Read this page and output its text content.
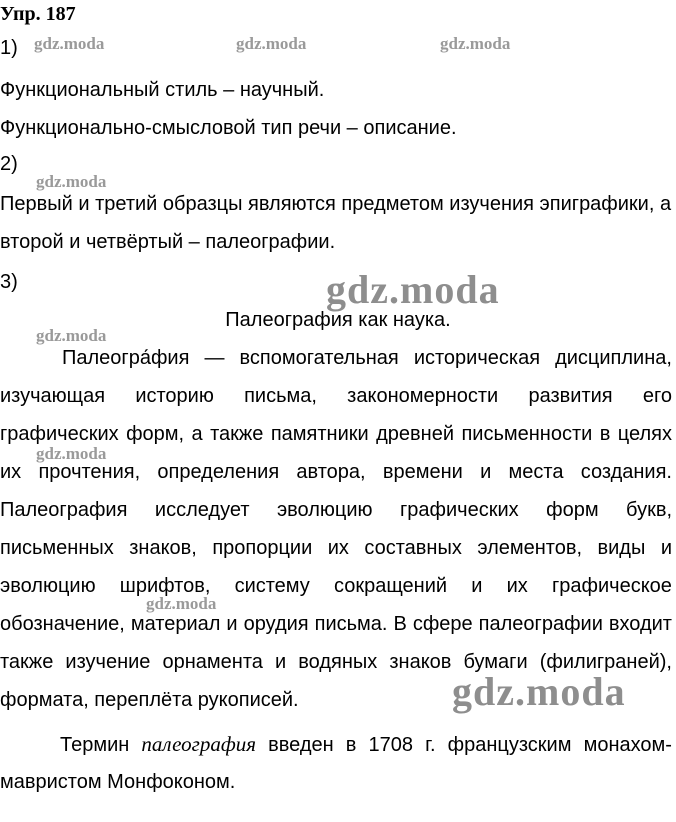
Упр. 187
1)
Функциональный стиль – научный.
Функционально-смысловой тип речи – описание.
2)
Первый и третий образцы являются предметом изучения эпиграфики, а
второй и четвёртый – палеографии.
3)
Палеография как наука.
Палеогра́фия — вспомогательная историческая дисциплина,
изучающая историю письма, закономерности развития его
графических форм, а также памятники древней письменности в целях
их прочтения, определения автора, времени и места создания.
Палеография исследует эволюцию графических форм букв,
письменных знаков, пропорции их составных элементов, виды и
эволюцию шрифтов, систему сокращений и их графическое
обозначение, материал и орудия письма. В сфере палеографии входит
также изучение орнамента и водяных знаков бумаги (филиграней),
формата, переплёта рукописей.
Термин палеография введен в 1708 г. французским монахом-
мавристом Монфоконом.
gdz.moda	gdz.moda	gdz.moda
gdz.moda
gdz.moda
gdz.moda
gdz.moda
gdz.moda
gdz.moda
